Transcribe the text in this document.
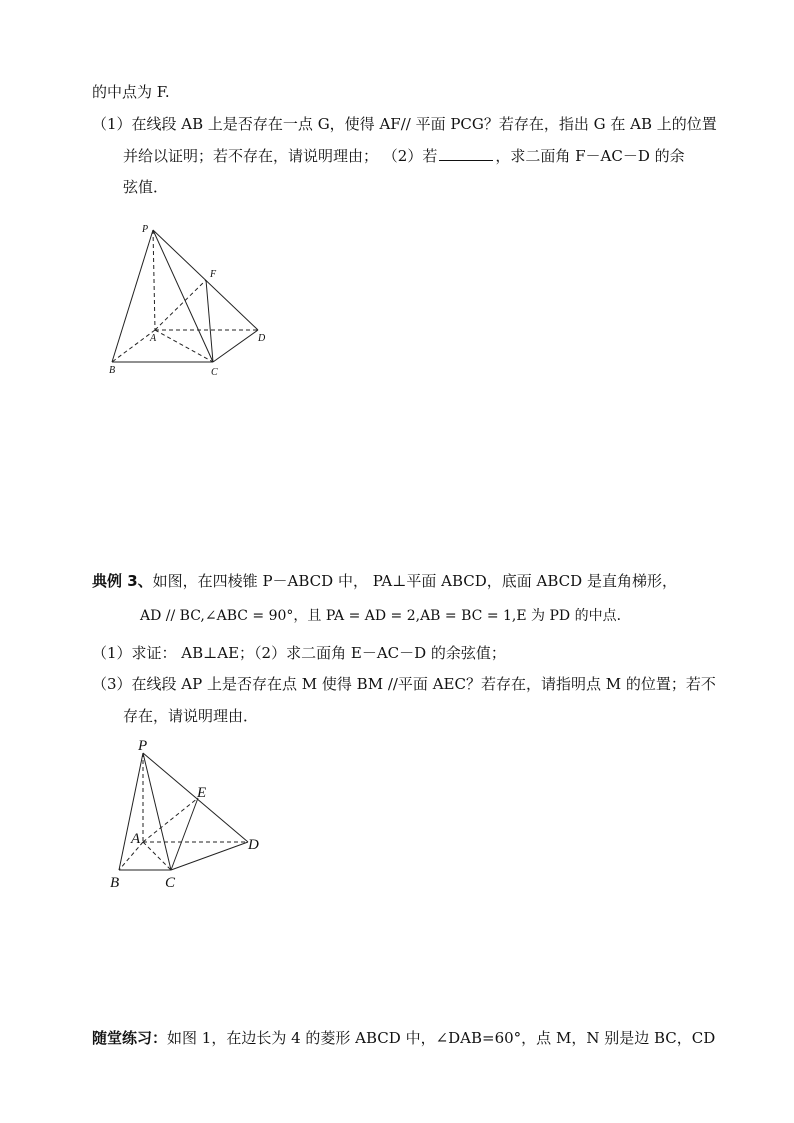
的中点为 F.
（1）在线段 AB 上是否存在一点 G，使得 AF// 平面 PCG？若存在，指出 G 在 AB 上的位置
并给以证明；若不存在，请说明理由； （2）若	，求二面角 F－AC－D 的余
弦值．
P
F
A	D
B	C
典例 3、如图，在四棱锥 P－ABCD 中， PA⊥平面 ABCD，底面 ABCD 是直角梯形，
AD // BC,∠ABC = 90°，且 PA = AD = 2,AB = BC = 1,E 为 PD 的中点．
（1）求证： AB⊥AE；（2）求二面角 E－AC－D 的余弦值；
（3）在线段 AP 上是否存在点 M 使得 BM //平面 AEC？若存在，请指明点 M 的位置；若不
存在，请说明理由．
P
E
A	D
B	C
随堂练习：如图 1，在边长为 4 的菱形 ABCD 中，∠DAB=60°，点 M，N 别是边 BC，CD
